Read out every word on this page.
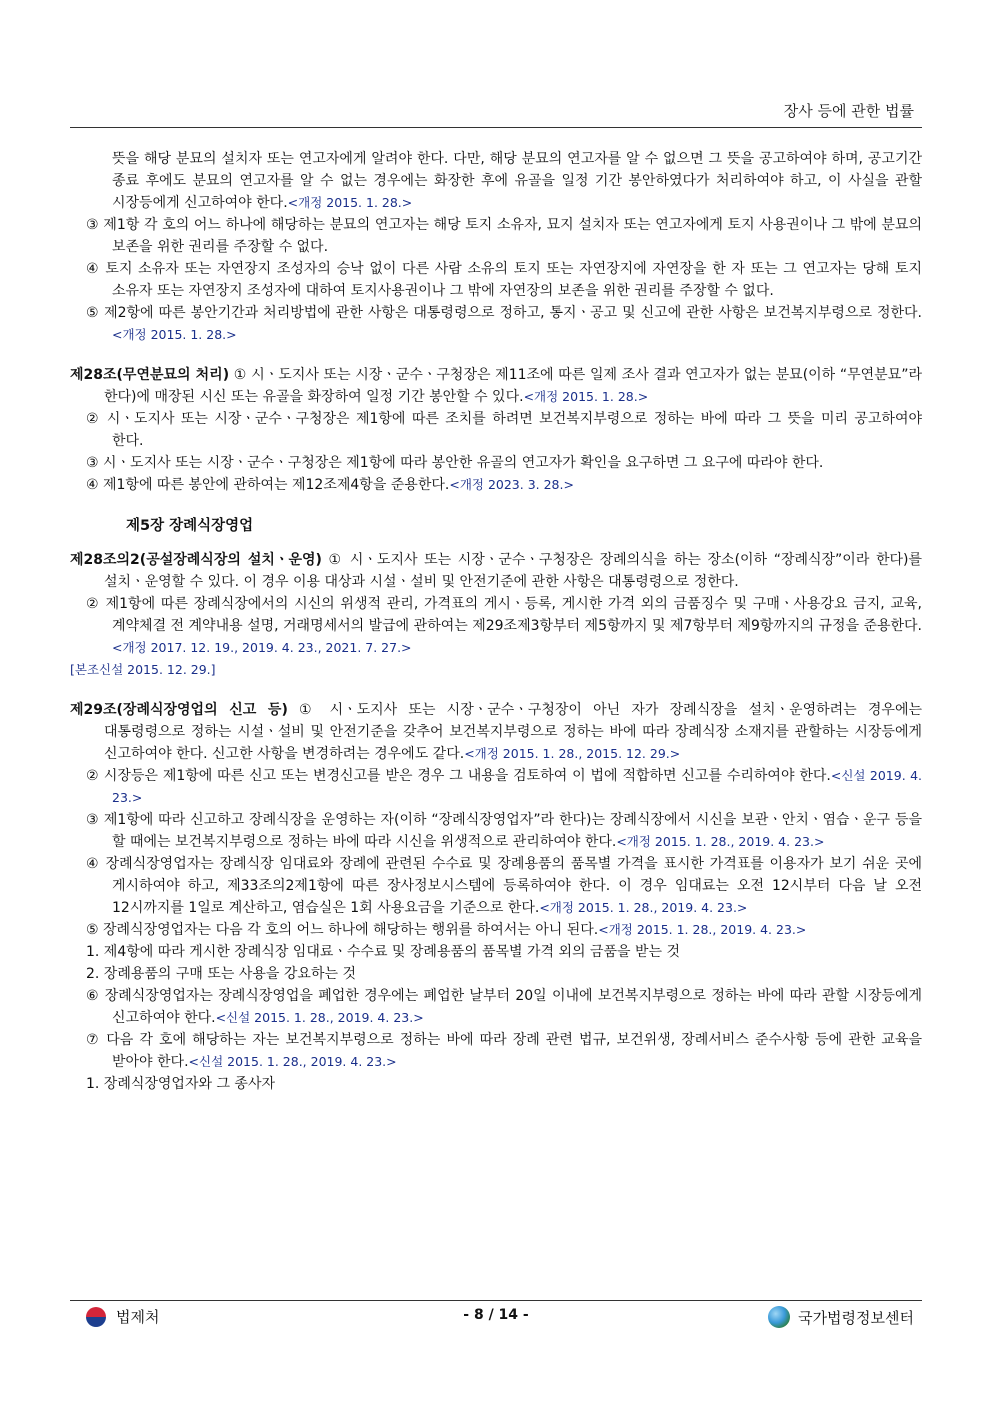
장사 등에 관한 법률

뜻을 해당 분묘의 설치자 또는 연고자에게 알려야 한다. 다만, 해당 분묘의 연고자를 알 수 없으면 그 뜻을 공고하여야 하며, 공고기간 종료 후에도 분묘의 연고자를 알 수 없는 경우에는 화장한 후에 유골을 일정 기간 봉안하였다가 처리하여야 하고, 이 사실을 관할 시장등에게 신고하여야 한다.<개정 2015. 1. 28.>

③ 제1항 각 호의 어느 하나에 해당하는 분묘의 연고자는 해당 토지 소유자, 묘지 설치자 또는 연고자에게 토지 사용권이나 그 밖에 분묘의 보존을 위한 권리를 주장할 수 없다.

④ 토지 소유자 또는 자연장지 조성자의 승낙 없이 다른 사람 소유의 토지 또는 자연장지에 자연장을 한 자 또는 그 연고자는 당해 토지 소유자 또는 자연장지 조성자에 대하여 토지사용권이나 그 밖에 자연장의 보존을 위한 권리를 주장할 수 없다.

⑤ 제2항에 따른 봉안기간과 처리방법에 관한 사항은 대통령령으로 정하고, 통지ㆍ공고 및 신고에 관한 사항은 보건복지부령으로 정한다.<개정 2015. 1. 28.>

제28조(무연분묘의 처리) ① 시ㆍ도지사 또는 시장ㆍ군수ㆍ구청장은 제11조에 따른 일제 조사 결과 연고자가 없는 분묘(이하 “무연분묘”라 한다)에 매장된 시신 또는 유골을 화장하여 일정 기간 봉안할 수 있다.<개정 2015. 1. 28.>

② 시ㆍ도지사 또는 시장ㆍ군수ㆍ구청장은 제1항에 따른 조치를 하려면 보건복지부령으로 정하는 바에 따라 그 뜻을 미리 공고하여야 한다.

③ 시ㆍ도지사 또는 시장ㆍ군수ㆍ구청장은 제1항에 따라 봉안한 유골의 연고자가 확인을 요구하면 그 요구에 따라야 한다.

④ 제1항에 따른 봉안에 관하여는 제12조제4항을 준용한다.<개정 2023. 3. 28.>

제5장 장례식장영업

제28조의2(공설장례식장의 설치ㆍ운영) ① 시ㆍ도지사 또는 시장ㆍ군수ㆍ구청장은 장례의식을 하는 장소(이하 “장례식장”이라 한다)를 설치ㆍ운영할 수 있다. 이 경우 이용 대상과 시설ㆍ설비 및 안전기준에 관한 사항은 대통령령으로 정한다.

② 제1항에 따른 장례식장에서의 시신의 위생적 관리, 가격표의 게시ㆍ등록, 게시한 가격 외의 금품징수 및 구매ㆍ사용강요 금지, 교육, 계약체결 전 계약내용 설명, 거래명세서의 발급에 관하여는 제29조제3항부터 제5항까지 및 제7항부터 제9항까지의 규정을 준용한다.<개정 2017. 12. 19., 2019. 4. 23., 2021. 7. 27.>

[본조신설 2015. 12. 29.]

제29조(장례식장영업의 신고 등) ① 시ㆍ도지사 또는 시장ㆍ군수ㆍ구청장이 아닌 자가 장례식장을 설치ㆍ운영하려는 경우에는 대통령령으로 정하는 시설ㆍ설비 및 안전기준을 갖추어 보건복지부령으로 정하는 바에 따라 장례식장 소재지를 관할하는 시장등에게 신고하여야 한다. 신고한 사항을 변경하려는 경우에도 같다.<개정 2015. 1. 28., 2015. 12. 29.>

② 시장등은 제1항에 따른 신고 또는 변경신고를 받은 경우 그 내용을 검토하여 이 법에 적합하면 신고를 수리하여야 한다.<신설 2019. 4. 23.>

③ 제1항에 따라 신고하고 장례식장을 운영하는 자(이하 “장례식장영업자”라 한다)는 장례식장에서 시신을 보관ㆍ안치ㆍ염습ㆍ운구 등을 할 때에는 보건복지부령으로 정하는 바에 따라 시신을 위생적으로 관리하여야 한다.<개정 2015. 1. 28., 2019. 4. 23.>

④ 장례식장영업자는 장례식장 임대료와 장례에 관련된 수수료 및 장례용품의 품목별 가격을 표시한 가격표를 이용자가 보기 쉬운 곳에 게시하여야 하고, 제33조의2제1항에 따른 장사정보시스템에 등록하여야 한다. 이 경우 임대료는 오전 12시부터 다음 날 오전 12시까지를 1일로 계산하고, 염습실은 1회 사용요금을 기준으로 한다.<개정 2015. 1. 28., 2019. 4. 23.>

⑤ 장례식장영업자는 다음 각 호의 어느 하나에 해당하는 행위를 하여서는 아니 된다.<개정 2015. 1. 28., 2019. 4. 23.>

1. 제4항에 따라 게시한 장례식장 임대료ㆍ수수료 및 장례용품의 품목별 가격 외의 금품을 받는 것

2. 장례용품의 구매 또는 사용을 강요하는 것

⑥ 장례식장영업자는 장례식장영업을 폐업한 경우에는 폐업한 날부터 20일 이내에 보건복지부령으로 정하는 바에 따라 관할 시장등에게 신고하여야 한다.<신설 2015. 1. 28., 2019. 4. 23.>

⑦ 다음 각 호에 해당하는 자는 보건복지부령으로 정하는 바에 따라 장례 관련 법규, 보건위생, 장례서비스 준수사항 등에 관한 교육을 받아야 한다.<신설 2015. 1. 28., 2019. 4. 23.>

1. 장례식장영업자와 그 종사자

법제처	- 8 / 14 -	국가법령정보센터
